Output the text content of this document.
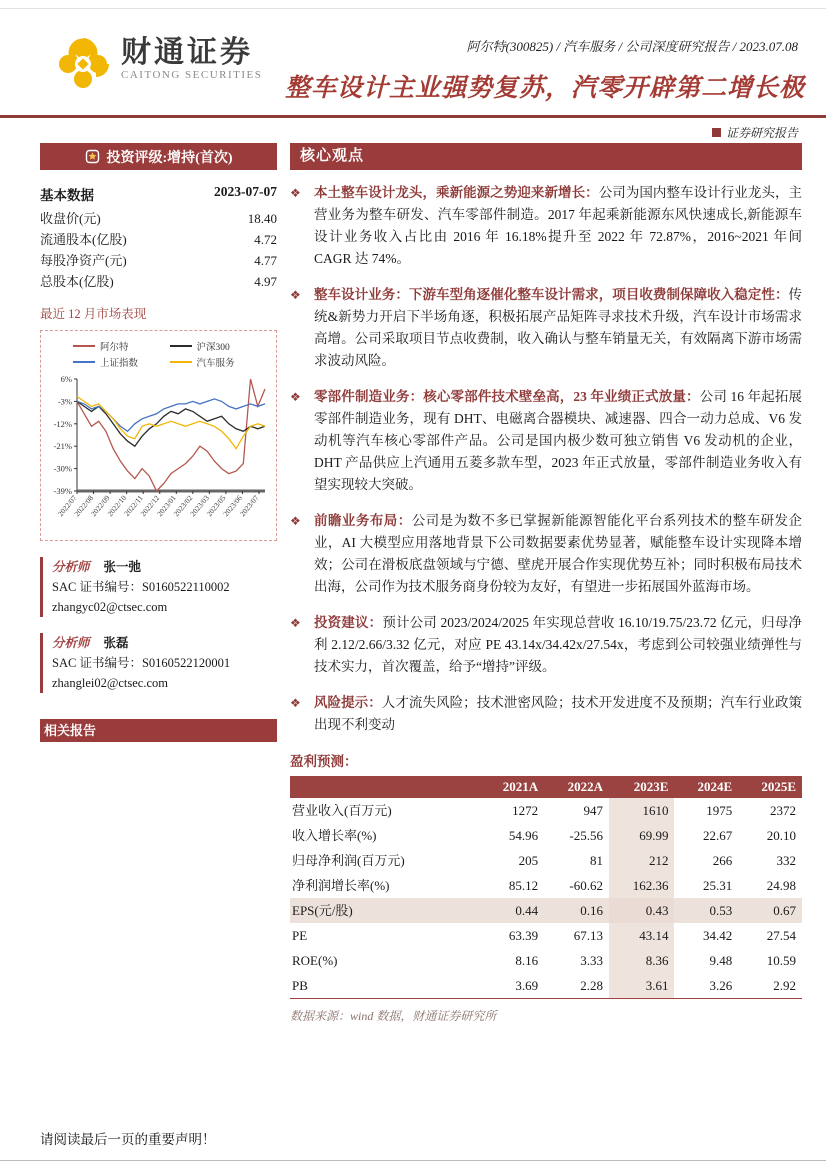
财通证券
CAITONG SECURITIES
阿尔特(300825) / 汽车服务 / 公司深度研究报告 / 2023.07.08
整车设计主业强势复苏，汽零开辟第二增长极
证券研究报告
投资评级:增持(首次)
基本数据	2023-07-07
收盘价(元)	18.40
流通股本(亿股)	4.72
每股净资产(元)	4.77
总股本(亿股)	4.97
最近 12 月市场表现
阿尔特	沪深300
上证指数	汽车服务
6%
-3%
-12%
-21%
-30%
-39%
2022/07
2022/08
2022/09
2022/10
2022/11
2022/12
2023/01
2023/02
2023/03
2023/05
2023/06
2023/07
分析师 张一弛
SAC 证书编号：S0160522110002
zhangyc02@ctsec.com
分析师 张磊
SAC 证书编号：S0160522120001
zhanglei02@ctsec.com
相关报告
核心观点
❖ 本土整车设计龙头，乘新能源之势迎来新增长：公司为国内整车设计行业龙头，主营业务为整车研发、汽车零部件制造。2017 年起乘新能源东风快速成长,新能源车设计业务收入占比由 2016 年 16.18%提升至 2022 年 72.87%，2016~2021 年间 CAGR 达 74%。
❖ 整车设计业务：下游车型角逐催化整车设计需求，项目收费制保障收入稳定性：传统&新势力开启下半场角逐，积极拓展产品矩阵寻求技术升级，汽车设计市场需求高增。公司采取项目节点收费制，收入确认与整车销量无关，有效隔离下游市场需求波动风险。
❖ 零部件制造业务：核心零部件技术壁垒高，23 年业绩正式放量：公司 16 年起拓展零部件制造业务，现有 DHT、电磁离合器模块、减速器、四合一动力总成、V6 发动机等汽车核心零部件产品。公司是国内极少数可独立销售 V6 发动机的企业，DHT 产品供应上汽通用五菱多款车型，2023 年正式放量，零部件制造业务收入有望实现较大突破。
❖ 前瞻业务布局：公司是为数不多已掌握新能源智能化平台系列技术的整车研发企业，AI 大模型应用落地背景下公司数据要素优势显著，赋能整车设计实现降本增效；公司在滑板底盘领域与宁德、壁虎开展合作实现优势互补；同时积极布局技术出海，公司作为技术服务商身份较为友好，有望进一步拓展国外蓝海市场。
❖ 投资建议：预计公司 2023/2024/2025 年实现总营收 16.10/19.75/23.72 亿元，归母净利 2.12/2.66/3.32 亿元，对应 PE 43.14x/34.42x/27.54x，考虑到公司较强业绩弹性与技术实力，首次覆盖，给予“增持”评级。
❖ 风险提示：人才流失风险；技术泄密风险；技术开发进度不及预期；汽车行业政策出现不利变动
盈利预测：
	2021A	2022A	2023E	2024E	2025E
营业收入(百万元)	1272	947	1610	1975	2372
收入增长率(%)	54.96	-25.56	69.99	22.67	20.10
归母净利润(百万元)	205	81	212	266	332
净利润增长率(%)	85.12	-60.62	162.36	25.31	24.98
EPS(元/股)	0.44	0.16	0.43	0.53	0.67
PE	63.39	67.13	43.14	34.42	27.54
ROE(%)	8.16	3.33	8.36	9.48	10.59
PB	3.69	2.28	3.61	3.26	2.92
数据来源：wind 数据，财通证券研究所
请阅读最后一页的重要声明！
